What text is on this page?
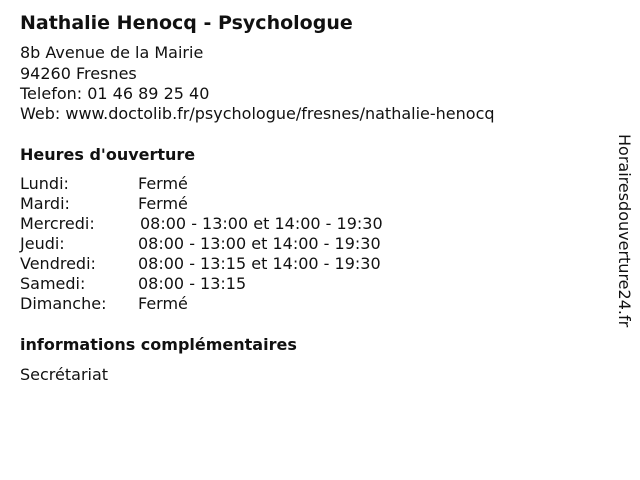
Nathalie Henocq - Psychologue
8b Avenue de la Mairie
94260 Fresnes
Telefon: 01 46 89 25 40
Web: www.doctolib.fr/psychologue/fresnes/nathalie-henocq
Heures d'ouverture
Lundi:	Fermé
Mardi:	Fermé
Mercredi:	08:00 - 13:00 et 14:00 - 19:30
Jeudi:	08:00 - 13:00 et 14:00 - 19:30
Vendredi:	08:00 - 13:15 et 14:00 - 19:30
Samedi:	08:00 - 13:15
Dimanche: Fermé
informations complémentaires
Secrétariat
Horairesdouverture24.fr
